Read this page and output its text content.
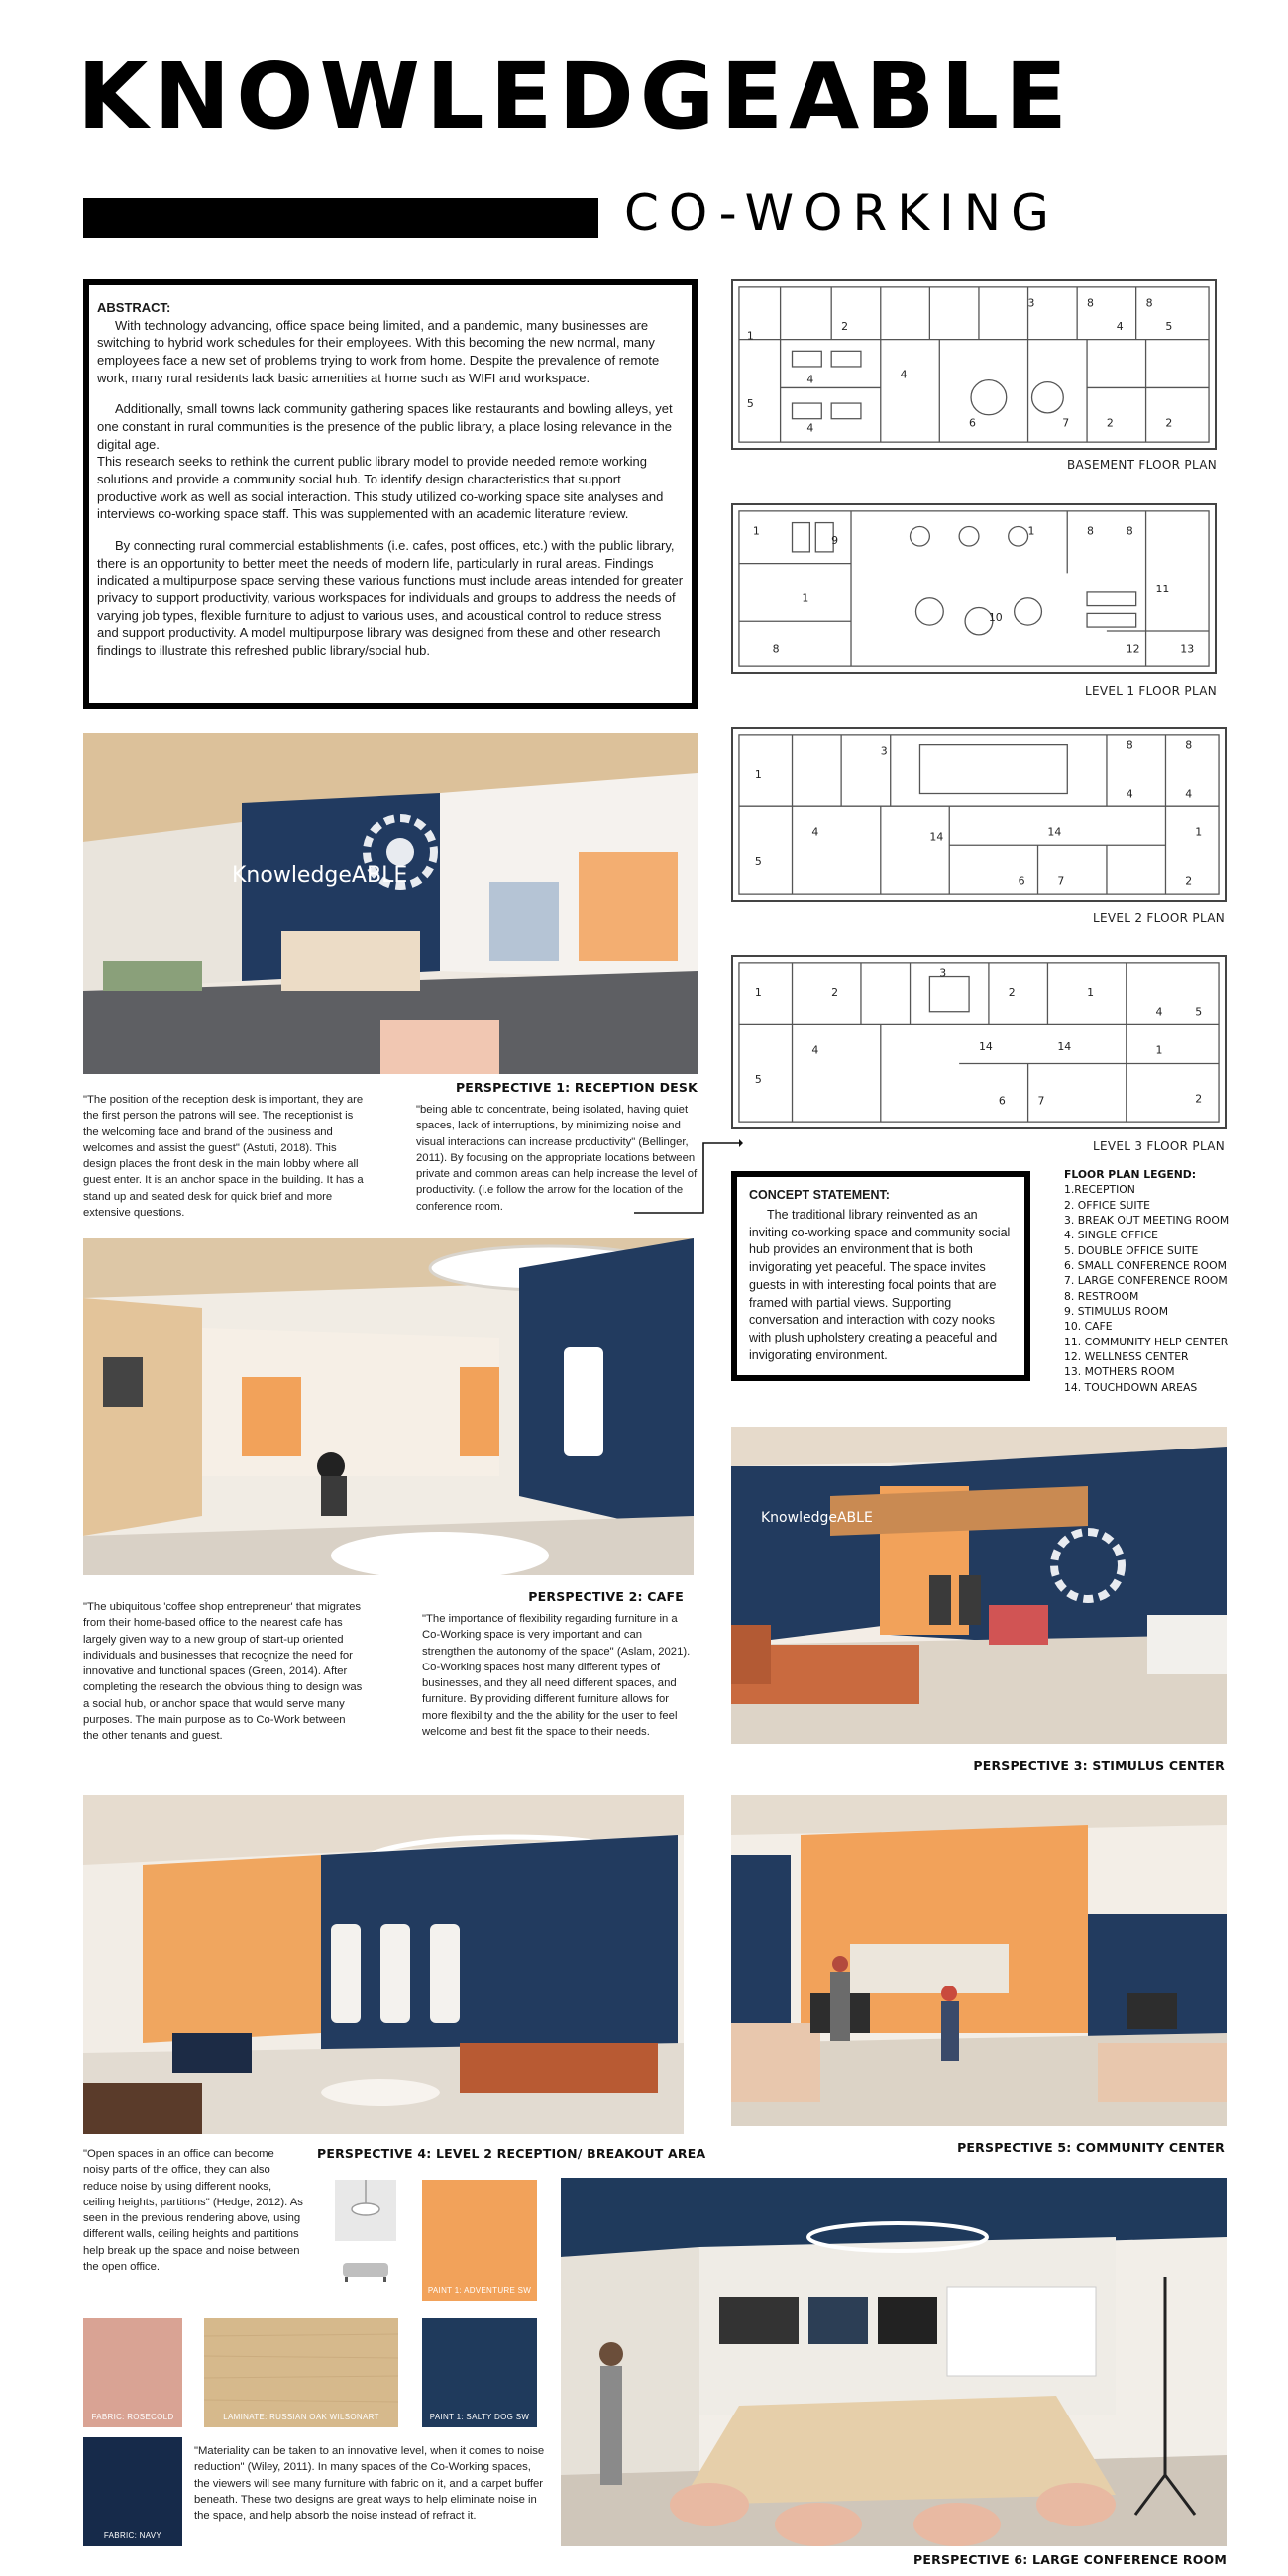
KNOWLEDGEABLE
CO-WORKING

ABSTRACT:

With technology advancing, office space being limited, and a pandemic, many businesses are switching to hybrid work schedules for their employees. With this becoming the new normal, many employees face a new set of problems trying to work from home. Despite the prevalence of remote work, many rural residents lack basic amenities at home such as WIFI and workspace.

Additionally, small towns lack community gathering spaces like restaurants and bowling alleys, yet one constant in rural communities is the presence of the public library, a place losing relevance in the digital age.

This research seeks to rethink the current public library model to provide needed remote working solutions and provide a community social hub. To identify design characteristics that support productive work as well as social interaction. This study utilized co-working space site analyses and interviews co-working space staff. This was supplemented with an academic literature review.

By connecting rural commercial establishments (i.e. cafes, post offices, etc.) with the public library, there is an opportunity to better meet the needs of modern life, particularly in rural areas. Findings indicated a multipurpose space serving these various functions must include areas intended for greater privacy to support productivity, various workspaces for individuals and groups to address the needs of varying job types, flexible furniture to adjust to various uses, and acoustical control to reduce stress and support productivity. A model multipurpose library was designed from these and other research findings to illustrate this refreshed public library/social hub.

1
2
3	8	8
4	5
5
4	4
6	7	2	2
4
BASEMENT FLOOR PLAN
1
9
1	8	8
11
10
8	12	13
1
LEVEL 1 FLOOR PLAN
1
3	8	8
4	4
5
4	14	14
6	7	2
1
LEVEL 2 FLOOR PLAN
1	2
3
2	1
4	5
5
4	14	14
6	7	2
1
LEVEL 3 FLOOR PLAN
KnowledgeABLE
PERSPECTIVE 1: RECEPTION DESK
"The position of the reception desk is important, they are the first person the patrons will see. The receptionist is the welcoming face and brand of the business and welcomes and assist the guest" (Astuti, 2018). This design places the front desk in the main lobby where all guest enter. It is an anchor space in the building. It has a stand up and seated desk for quick brief and more extensive questions.
"being able to concentrate, being isolated, having quiet spaces, lack of interruptions, by minimizing noise and visual interactions can increase productivity" (Bellinger, 2011). By focusing on the appropriate locations between private and common areas can help increase the level of productivity. (i.e follow the arrow for the location of the conference room.

CONCEPT STATEMENT:

The traditional library reinvented as an inviting co-working space and community social hub provides an environment that is both invigorating yet peaceful. The space invites guests in with interesting focal points that are framed with partial views. Supporting conversation and interaction with cozy nooks with plush upholstery creating a peaceful and invigorating environment.

FLOOR PLAN LEGEND:

1.RECEPTION
2. OFFICE SUITE
3. BREAK OUT MEETING ROOM
4. SINGLE OFFICE
5. DOUBLE OFFICE SUITE
6. SMALL CONFERENCE ROOM
7. LARGE CONFERENCE ROOM
8. RESTROOM
9. STIMULUS ROOM
10. CAFE
11. COMMUNITY HELP CENTER
12. WELLNESS CENTER
13. MOTHERS ROOM
14. TOUCHDOWN AREAS
PERSPECTIVE 2: CAFE
"The ubiquitous 'coffee shop entrepreneur' that migrates from their home-based office to the nearest cafe has largely given way to a new group of start-up oriented individuals and businesses that recognize the need for innovative and functional spaces (Green, 2014). After completing the research the obvious thing to design was a social hub, or anchor space that would serve many purposes. The main purpose as to Co-Work between the other tenants and guest.
"The importance of flexibility regarding furniture in a Co-Working space is very important and can strengthen the autonomy of the space" (Aslam, 2021). Co-Working spaces host many different types of businesses, and they all need different spaces, and furniture. By providing different furniture allows for more flexibility and the the ability for the user to feel welcome and best fit the space to their needs.
KnowledgeABLE
PERSPECTIVE 3: STIMULUS CENTER
PERSPECTIVE 4: LEVEL 2 RECEPTION/ BREAKOUT AREA
"Open spaces in an office can become noisy parts of the office, they can also reduce noise by using different nooks, ceiling heights, partitions" (Hedge, 2012). As seen in the previous rendering above, using different walls, ceiling heights and partitions help break up the space and noise between the open office.
PERSPECTIVE 5: COMMUNITY CENTER
PAINT 1: ADVENTURE SW
FABRIC: ROSECOLD	LAMINATE: RUSSIAN OAK WILSONART	PAINT 1: SALTY DOG SW
FABRIC: NAVY
"Materiality can be taken to an innovative level, when it comes to noise reduction" (Wiley, 2011). In many spaces of the Co-Working spaces, the viewers will see many furniture with fabric on it, and a carpet buffer beneath. These two designs are great ways to help eliminate noise in the space, and help absorb the noise instead of refract it.
PERSPECTIVE 6: LARGE CONFERENCE ROOM
